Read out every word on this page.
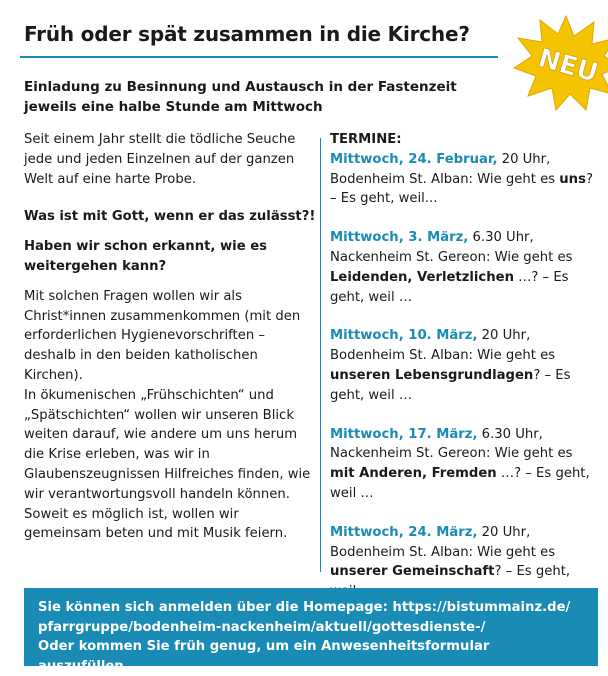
Früh oder spät zusammen in die Kirche?
NEU
Einladung zu Besinnung und Austausch in der Fastenzeit
jeweils eine halbe Stunde am Mittwoch

Seit einem Jahr stellt die tödliche Seuche jede und jeden Einzelnen auf der ganzen Welt auf eine harte Probe.

Was ist mit Gott, wenn er das zulässt?!

Haben wir schon erkannt, wie es weitergehen kann?

Mit solchen Fragen wollen wir als Christ*innen zusammenkommen (mit den erforderlichen Hygienevorschriften – deshalb in den beiden katholischen Kirchen).

In ökumenischen „Frühschichten“ und „Spätschichten“ wollen wir unseren Blick weiten darauf, wie andere um uns herum die Krise erleben, was wir in Glaubenszeugnissen Hilfreiches finden, wie wir verantwortungsvoll handeln können. Soweit es möglich ist, wollen wir gemeinsam beten und mit Musik feiern.

TERMINE:

Mittwoch, 24. Februar, 20 Uhr, Bodenheim St. Alban: Wie geht es uns? – Es geht, weil...

Mittwoch, 3. März, 6.30 Uhr, Nackenheim St. Gereon: Wie geht es Leidenden, Verletzlichen …? – Es geht, weil …

Mittwoch, 10. März, 20 Uhr, Bodenheim St. Alban: Wie geht es unseren Lebensgrundlagen? – Es geht, weil …

Mittwoch, 17. März, 6.30 Uhr, Nackenheim St. Gereon: Wie geht es mit Anderen, Fremden …? – Es geht, weil …

Mittwoch, 24. März, 20 Uhr, Bodenheim St. Alban: Wie geht es unserer Gemeinschaft? – Es geht,

Sie können sich anmelden über die Homepage: https://bistummainz.de/
pfarrgruppe/bodenheim-nackenheim/aktuell/gottesdienste-/
Oder kommen Sie früh genug, um ein Anwesenheitsformular auszufüllen.
